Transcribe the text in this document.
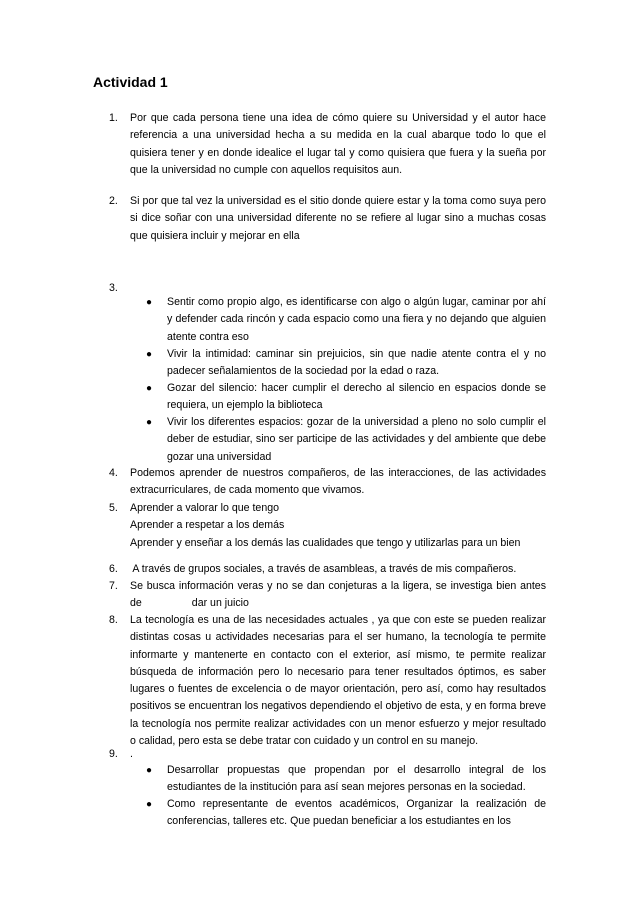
Actividad 1
1.	Por que cada persona tiene una idea de cómo quiere su Universidad y el autor hace referencia a una universidad hecha a su medida en la cual abarque todo lo que el quisiera tener y en donde idealice el lugar tal y como quisiera que fuera y la sueña por que la universidad no cumple con aquellos requisitos aun.
2.	Si por que tal vez la universidad es el sitio donde quiere estar y la toma como suya pero si dice soñar con una universidad diferente no se refiere al lugar sino a muchas cosas que quisiera incluir y mejorar en ella
3.
● Sentir como propio algo, es identificarse con algo o algún lugar, caminar por ahí y defender cada rincón y cada espacio como una fiera y no dejando que alguien atente contra eso
● Vivir la intimidad: caminar sin prejuicios, sin que nadie atente contra el y no padecer señalamientos de la sociedad por la edad o raza.
● Gozar del silencio: hacer cumplir el derecho al silencio en espacios donde se requiera, un ejemplo la biblioteca
● Vivir los diferentes espacios: gozar de la universidad a pleno no solo cumplir el deber de estudiar, sino ser participe de las actividades y del ambiente que debe gozar una universidad
4.	Podemos aprender de nuestros compañeros, de las interacciones, de las actividades extracurriculares, de cada momento que vivamos.
5.	Aprender a valorar lo que tengo
Aprender a respetar a los demás
Aprender y enseñar a los demás las cualidades que tengo y utilizarlas para un bien
6.	A través de grupos sociales, a través de asambleas, a través de mis compañeros.
7.	Se busca información veras y no se dan conjeturas a la ligera, se investiga bien antes
de	dar un juicio
8.	La tecnología es una de las necesidades actuales , ya que con este se pueden realizar distintas cosas u actividades necesarias para el ser humano, la tecnología te permite informarte y mantenerte en contacto con el exterior, así mismo, te permite realizar búsqueda de información pero lo necesario para tener resultados óptimos, es saber lugares o fuentes de excelencia o de mayor orientación, pero así, como hay resultados positivos se encuentran los negativos dependiendo el objetivo de esta, y en forma breve la tecnología nos permite realizar actividades con un menor esfuerzo y mejor resultado o calidad, pero esta se debe tratar con cuidado y un control en su manejo.
9.	.
● Desarrollar propuestas que propendan por el desarrollo integral de los estudiantes de la institución para así sean mejores personas en la sociedad.
● Como representante de eventos académicos, Organizar la realización de conferencias, talleres etc. Que puedan beneficiar a los estudiantes en los
